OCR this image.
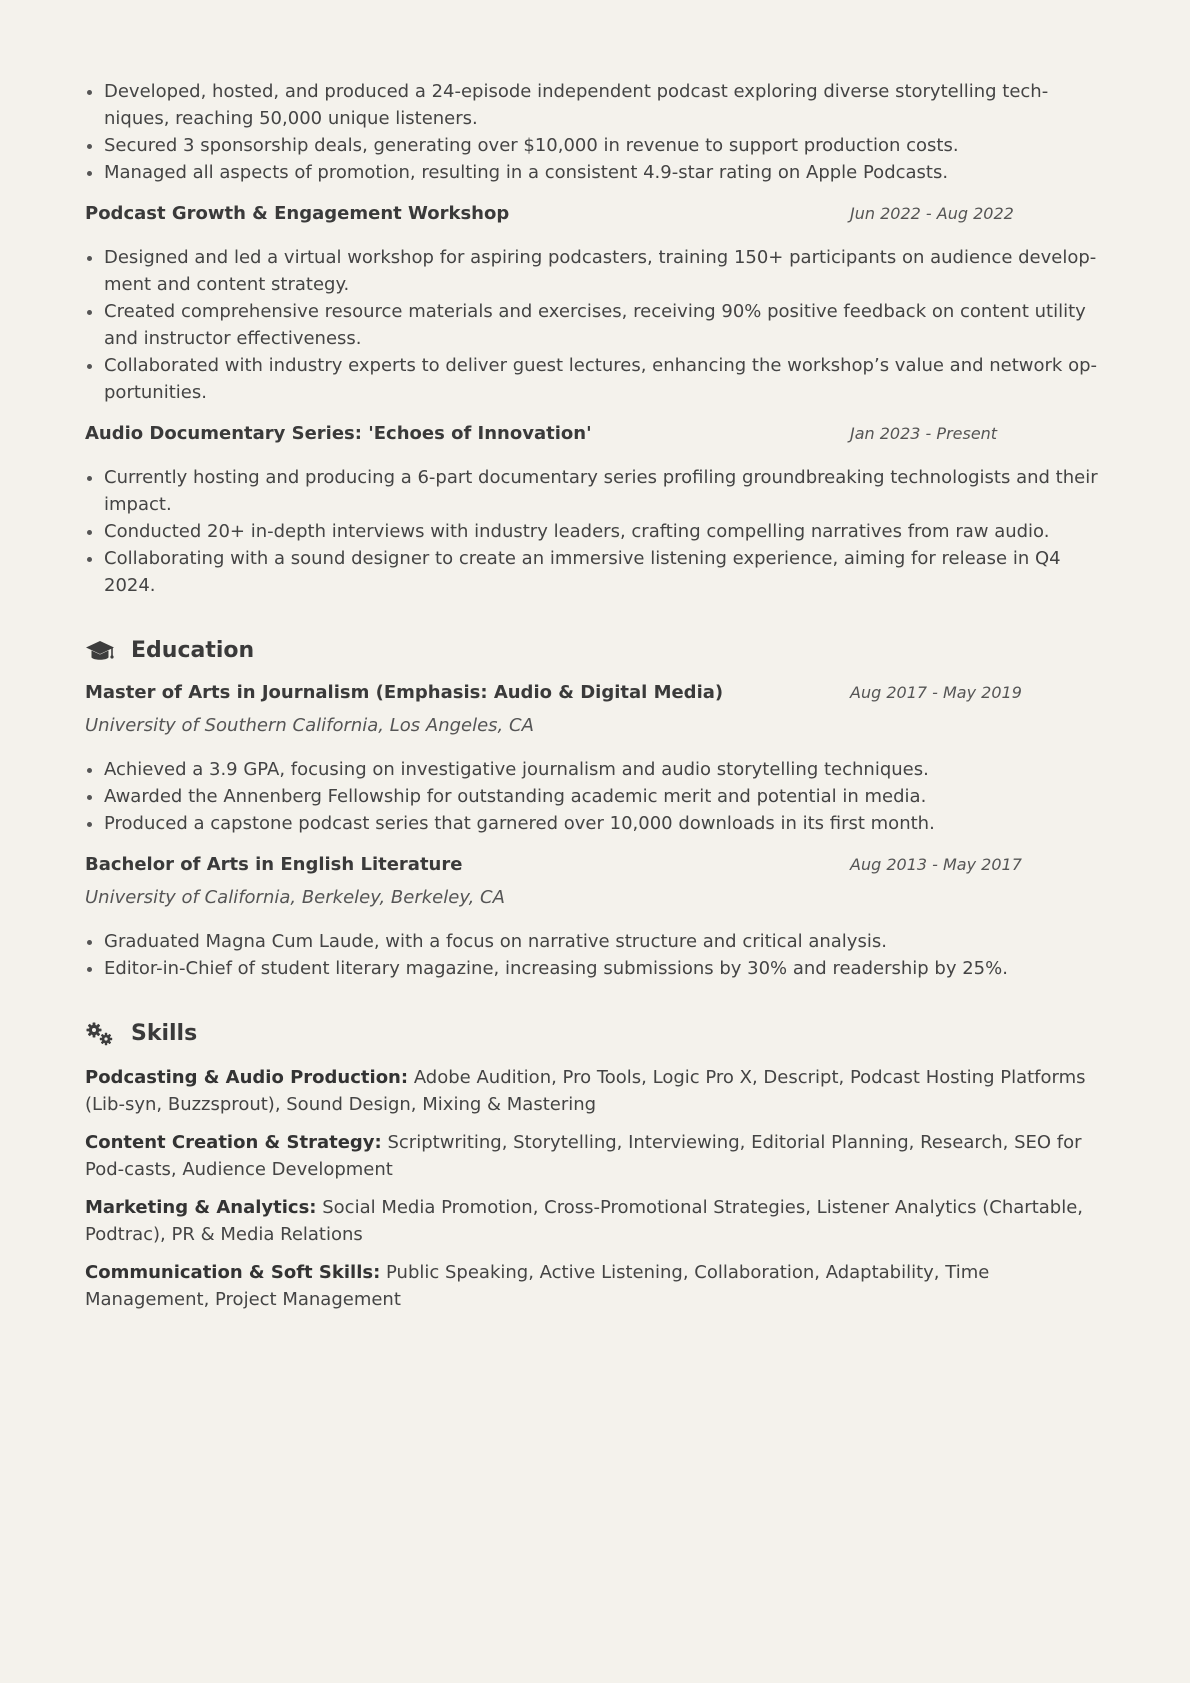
Developed, hosted, and produced a 24-episode independent podcast exploring diverse storytelling tech-niques, reaching 50,000 unique listeners.
Secured 3 sponsorship deals, generating over $10,000 in revenue to support production costs.
Managed all aspects of promotion, resulting in a consistent 4.9-star rating on Apple Podcasts.
Podcast Growth & Engagement Workshop	Jun 2022 - Aug 2022
Designed and led a virtual workshop for aspiring podcasters, training 150+ participants on audience develop-ment and content strategy.
Created comprehensive resource materials and exercises, receiving 90% positive feedback on content utility and instructor effectiveness.
Collaborated with industry experts to deliver guest lectures, enhancing the workshop’s value and network op-portunities.
Audio Documentary Series: 'Echoes of Innovation'	Jan 2023 - Present
Currently hosting and producing a 6-part documentary series profiling groundbreaking technologists and their impact.
Conducted 20+ in-depth interviews with industry leaders, crafting compelling narratives from raw audio.
Collaborating with a sound designer to create an immersive listening experience, aiming for release in Q4 2024.
Education
Master of Arts in Journalism (Emphasis: Audio & Digital Media)	Aug 2017 - May 2019
University of Southern California, Los Angeles, CA
Achieved a 3.9 GPA, focusing on investigative journalism and audio storytelling techniques.
Awarded the Annenberg Fellowship for outstanding academic merit and potential in media.
Produced a capstone podcast series that garnered over 10,000 downloads in its first month.
Bachelor of Arts in English Literature	Aug 2013 - May 2017
University of California, Berkeley, Berkeley, CA
Graduated Magna Cum Laude, with a focus on narrative structure and critical analysis.
Editor-in-Chief of student literary magazine, increasing submissions by 30% and readership by 25%.
Skills
Podcasting & Audio Production: Adobe Audition, Pro Tools, Logic Pro X, Descript, Podcast Hosting Platforms (Lib-syn, Buzzsprout), Sound Design, Mixing & Mastering
Content Creation & Strategy: Scriptwriting, Storytelling, Interviewing, Editorial Planning, Research, SEO for Pod-casts, Audience Development
Marketing & Analytics: Social Media Promotion, Cross-Promotional Strategies, Listener Analytics (Chartable, Podtrac), PR & Media Relations
Communication & Soft Skills: Public Speaking, Active Listening, Collaboration, Adaptability, Time Management, Project Management
